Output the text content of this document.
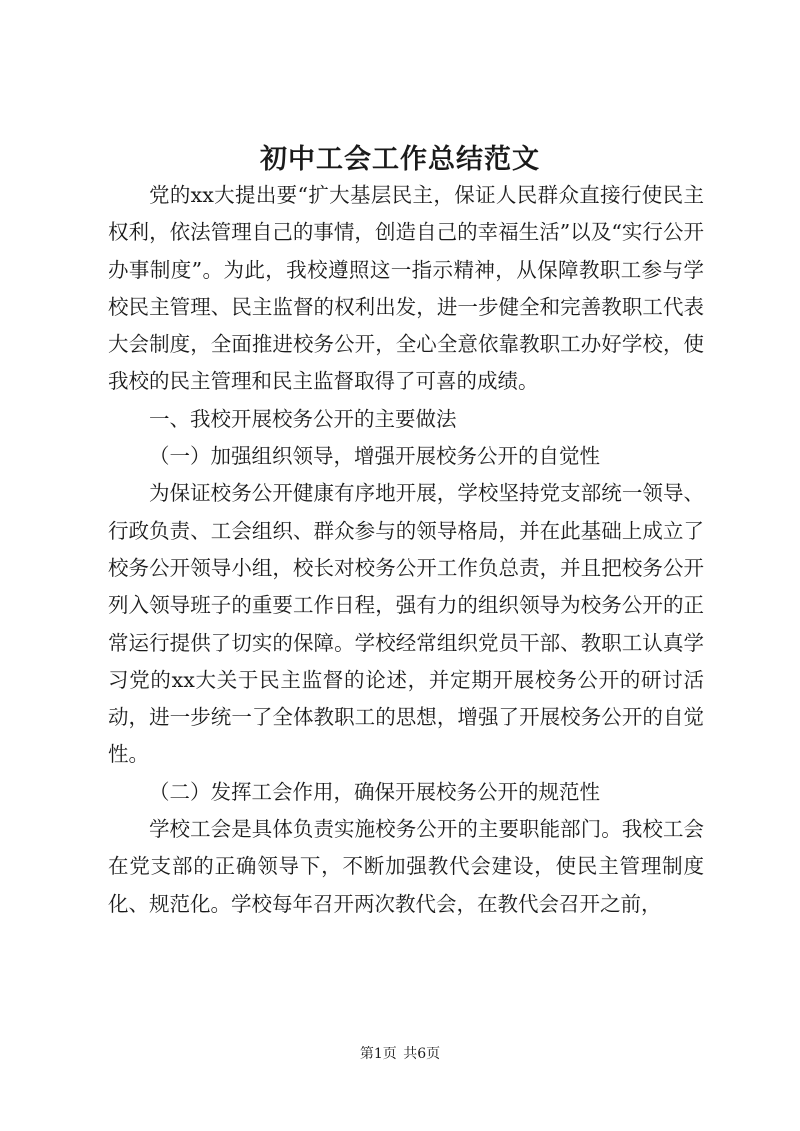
初中工会工作总结范文

党的xx大提出要“扩大基层民主，保证人民群众直接行使民主权利，依法管理自己的事情，创造自己的幸福生活”以及“实行公开办事制度”。为此，我校遵照这一指示精神，从保障教职工参与学校民主管理、民主监督的权利出发，进一步健全和完善教职工代表大会制度，全面推进校务公开，全心全意依靠教职工办好学校，使我校的民主管理和民主监督取得了可喜的成绩。

一、我校开展校务公开的主要做法

（一）加强组织领导，增强开展校务公开的自觉性

为保证校务公开健康有序地开展，学校坚持党支部统一领导、行政负责、工会组织、群众参与的领导格局，并在此基础上成立了校务公开领导小组，校长对校务公开工作负总责，并且把校务公开列入领导班子的重要工作日程，强有力的组织领导为校务公开的正常运行提供了切实的保障。学校经常组织党员干部、教职工认真学习党的xx大关于民主监督的论述，并定期开展校务公开的研讨活动，进一步统一了全体教职工的思想，增强了开展校务公开的自觉性。

（二）发挥工会作用，确保开展校务公开的规范性

学校工会是具体负责实施校务公开的主要职能部门。我校工会在党支部的正确领导下，不断加强教代会建设，使民主管理制度化、规范化。学校每年召开两次教代会，在教代会召开之前，

第1页 共6页
